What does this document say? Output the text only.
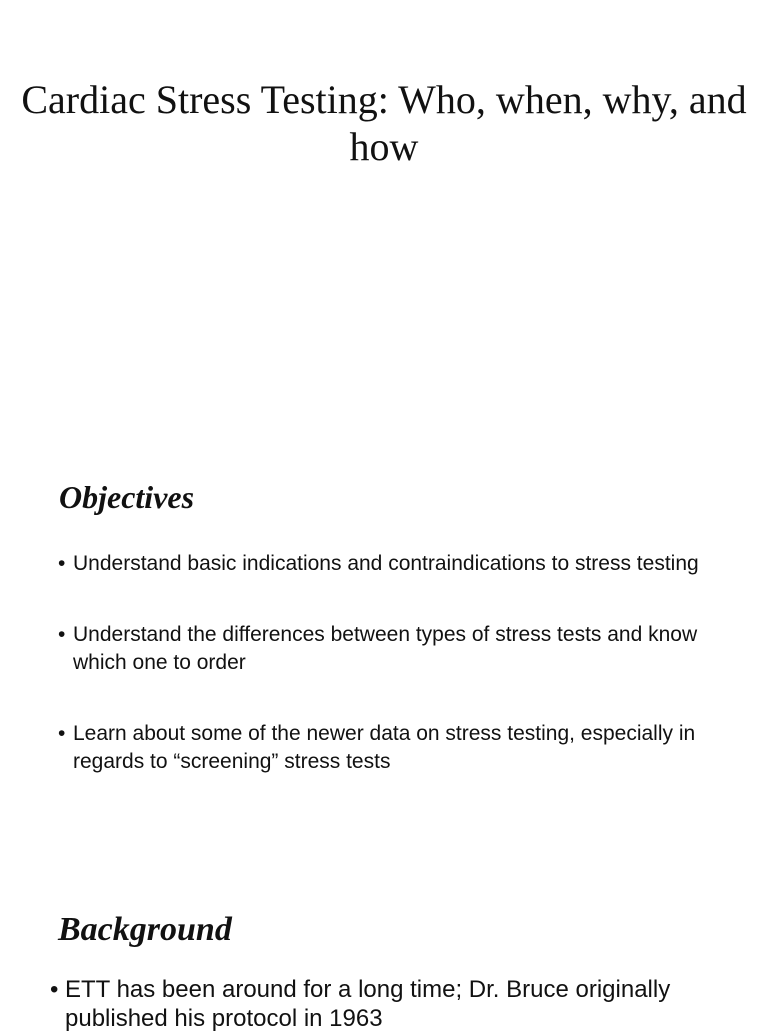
Cardiac Stress Testing: Who, when, why, and how
Objectives
• Understand basic indications and contraindications to stress testing
• Understand the differences between types of stress tests and know which one to order
• Learn about some of the newer data on stress testing, especially in regards to “screening” stress tests
Background
• ETT has been around for a long time; Dr. Bruce originally published his protocol in 1963
